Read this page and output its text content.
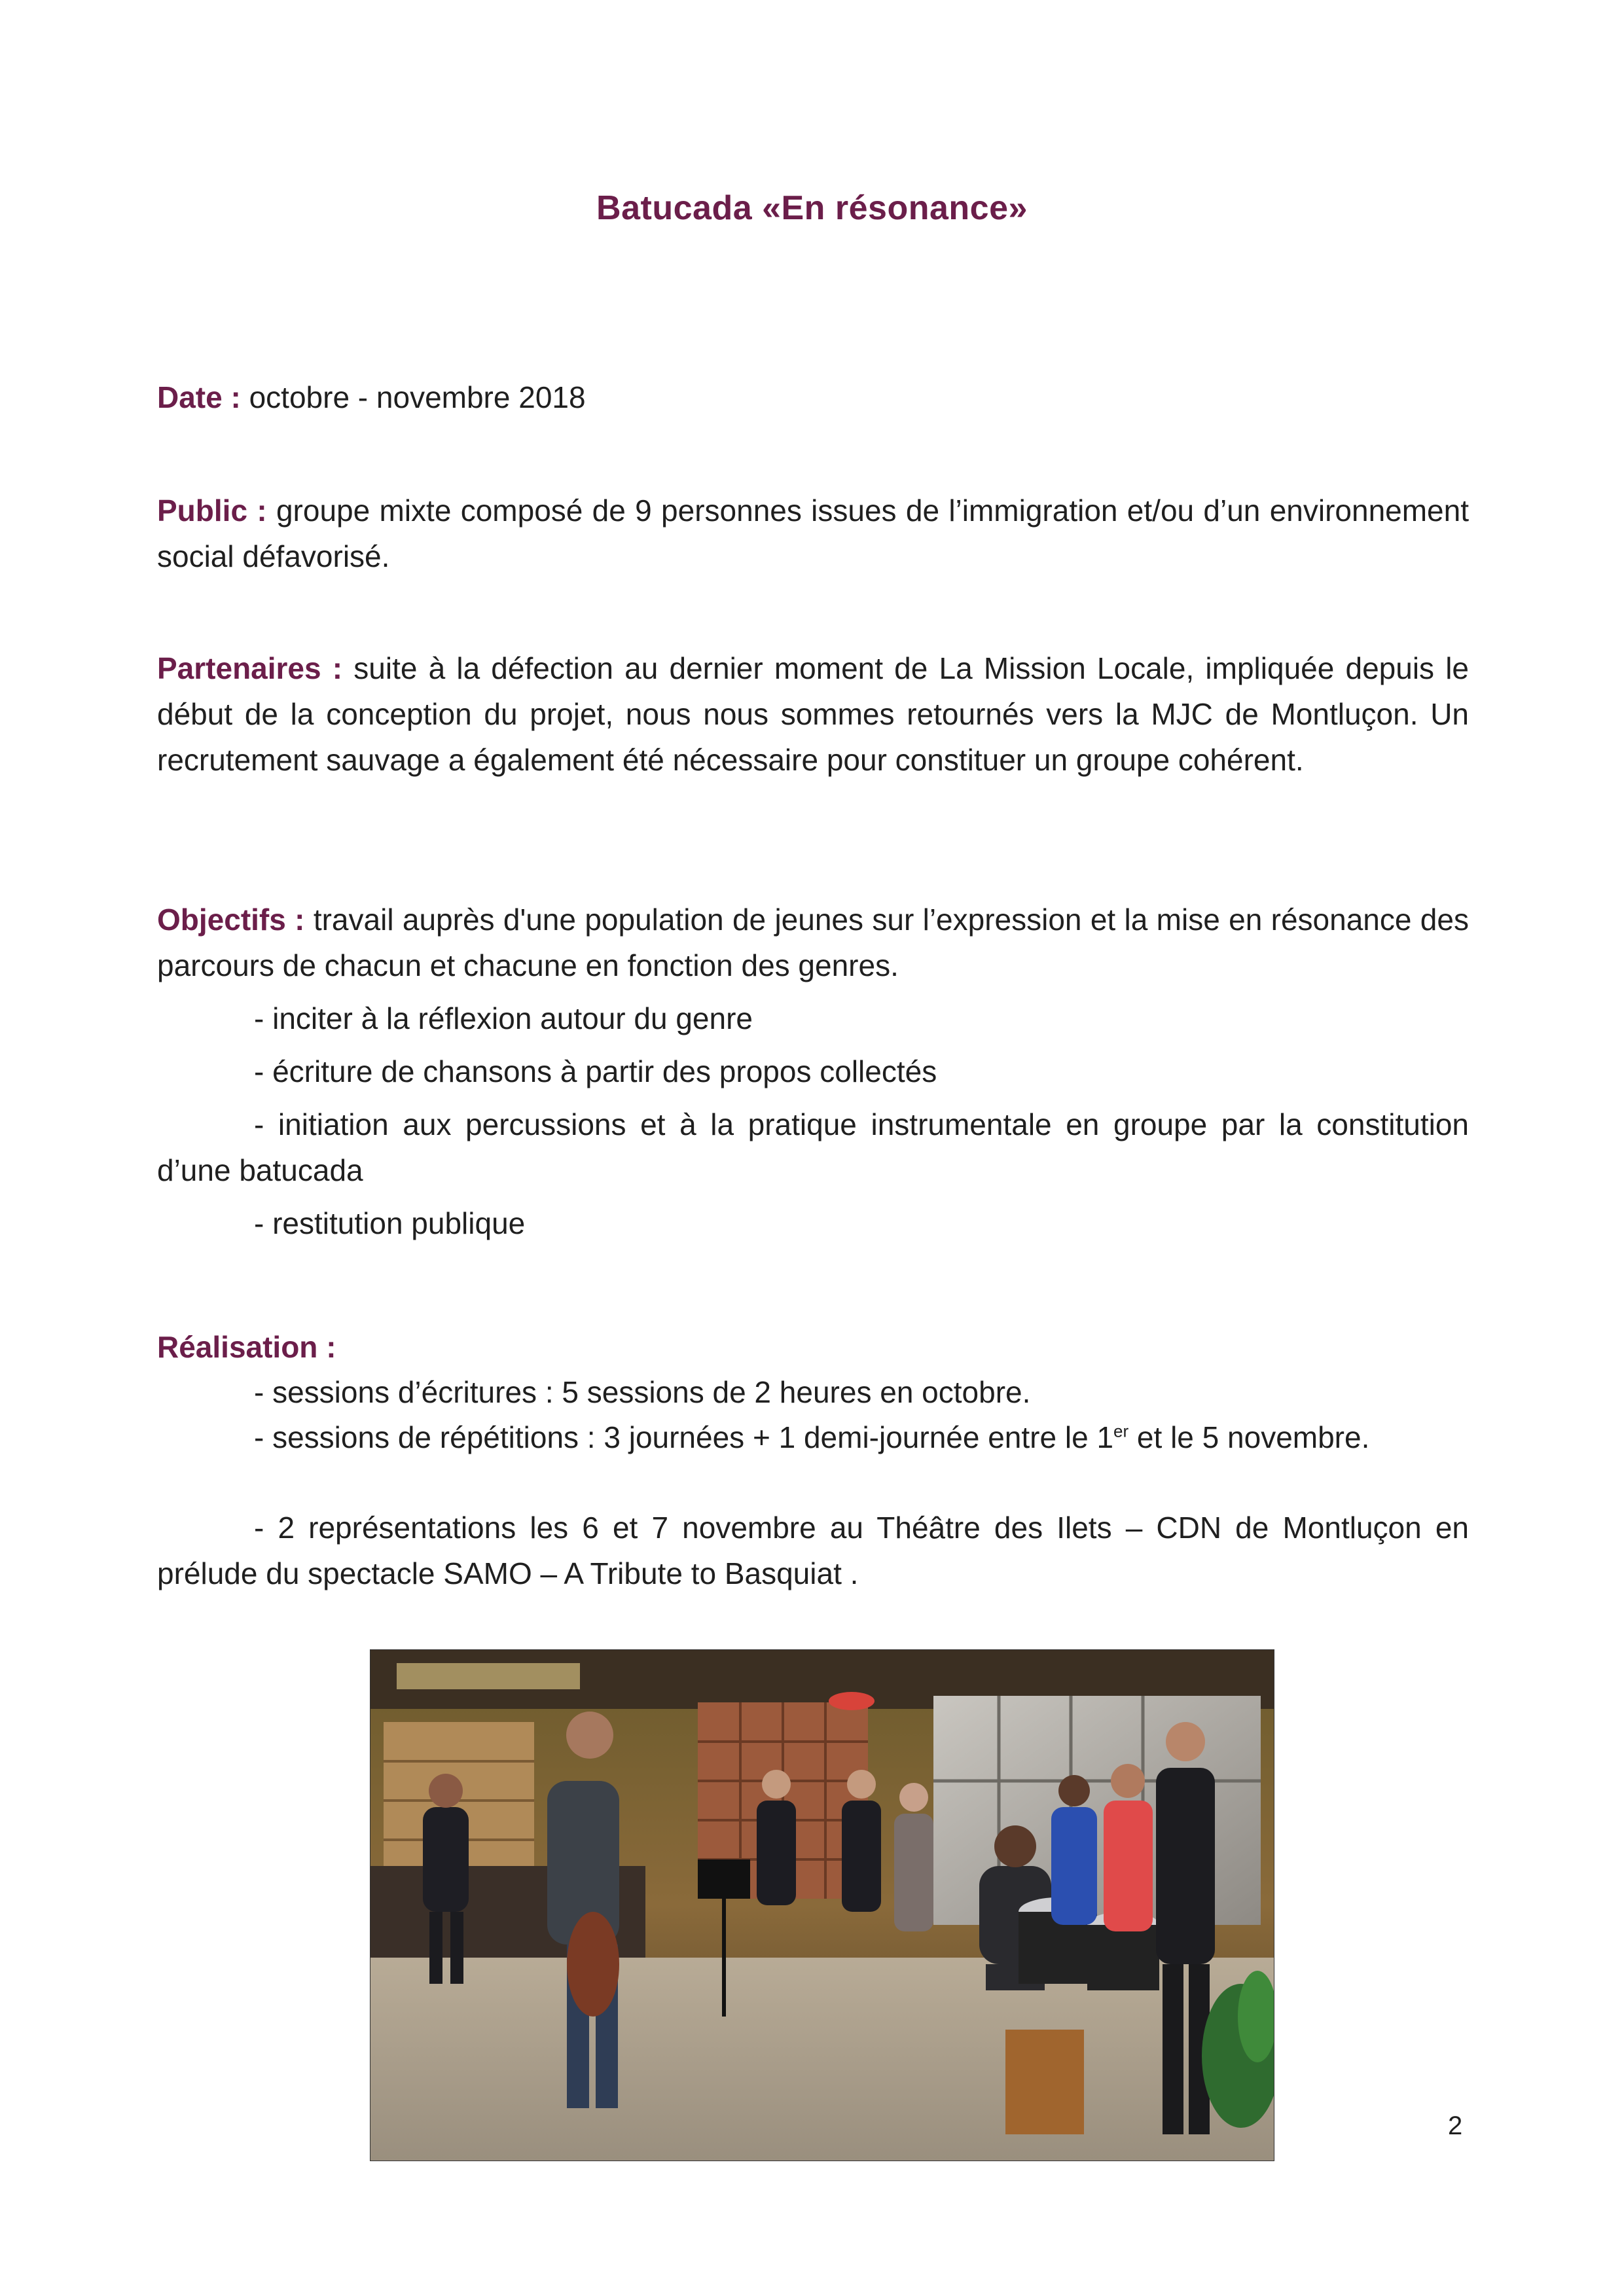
Batucada «En résonance»
Date : octobre - novembre 2018
Public : groupe mixte composé de 9 personnes issues de l’immigration et/ou d’un environnement social défavorisé.
Partenaires : suite à la défection au dernier moment de La Mission Locale, impliquée depuis le début de la conception du projet, nous nous sommes retournés vers la MJC de Montluçon. Un recrutement sauvage a également été nécessaire pour constituer un groupe cohérent.
Objectifs : travail auprès d'une population de jeunes sur l’expression et la mise en résonance des parcours de chacun et chacune en fonction des genres.
- inciter à la réflexion autour du genre
- écriture de chansons à partir des propos collectés
- initiation aux percussions et à la pratique instrumentale en groupe par la constitution d’une batucada
- restitution publique
Réalisation :
- sessions d’écritures : 5 sessions de 2 heures en octobre.
- sessions de répétitions : 3 journées + 1 demi-journée entre le 1er et le 5 novembre.
- 2 représentations les 6 et 7 novembre au Théâtre des Ilets – CDN de Montluçon en prélude du spectacle SAMO – A Tribute to Basquiat .
2
